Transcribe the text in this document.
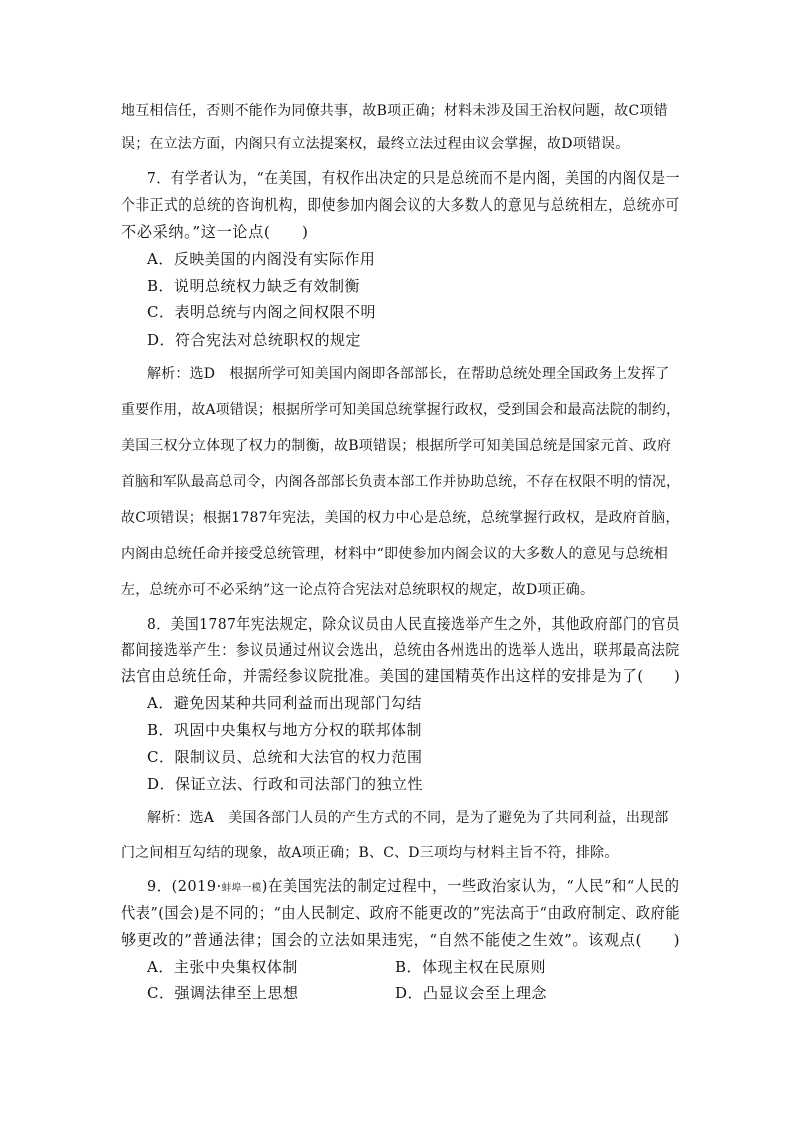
地互相信任，否则不能作为同僚共事，故B项正确；材料未涉及国王治权问题，故C项错
误；在立法方面，内阁只有立法提案权，最终立法过程由议会掌握，故D项错误。
7．有学者认为，“在美国，有权作出决定的只是总统而不是内阁，美国的内阁仅是一
个非正式的总统的咨询机构，即使参加内阁会议的大多数人的意见与总统相左，总统亦可
不必采纳。”这一论点(　　)
A．反映美国的内阁没有实际作用
B．说明总统权力缺乏有效制衡
C．表明总统与内阁之间权限不明
D．符合宪法对总统职权的规定
解析：选D　根据所学可知美国内阁即各部部长，在帮助总统处理全国政务上发挥了
重要作用，故A项错误；根据所学可知美国总统掌握行政权，受到国会和最高法院的制约，
美国三权分立体现了权力的制衡，故B项错误；根据所学可知美国总统是国家元首、政府
首脑和军队最高总司令，内阁各部部长负责本部工作并协助总统，不存在权限不明的情况，
故C项错误；根据1787年宪法，美国的权力中心是总统，总统掌握行政权，是政府首脑，
内阁由总统任命并接受总统管理，材料中“即使参加内阁会议的大多数人的意见与总统相
左，总统亦可不必采纳”这一论点符合宪法对总统职权的规定，故D项正确。
8．美国1787年宪法规定，除众议员由人民直接选举产生之外，其他政府部门的官员
都间接选举产生：参议员通过州议会选出，总统由各州选出的选举人选出，联邦最高法院
法官由总统任命，并需经参议院批准。美国的建国精英作出这样的安排是为了(　　)
A．避免因某种共同利益而出现部门勾结
B．巩固中央集权与地方分权的联邦体制
C．限制议员、总统和大法官的权力范围
D．保证立法、行政和司法部门的独立性
解析：选A　美国各部门人员的产生方式的不同，是为了避免为了共同利益，出现部
门之间相互勾结的现象，故A项正确；B、C、D三项均与材料主旨不符，排除。
9．(2019·蚌埠一模)在美国宪法的制定过程中，一些政治家认为，“人民”和“人民的
代表”(国会)是不同的；“由人民制定、政府不能更改的”宪法高于“由政府制定、政府能
够更改的”普通法律；国会的立法如果违宪，“自然不能使之生效”。该观点(　　)
A．主张中央集权体制	B．体现主权在民原则
C．强调法律至上思想	D．凸显议会至上理念
